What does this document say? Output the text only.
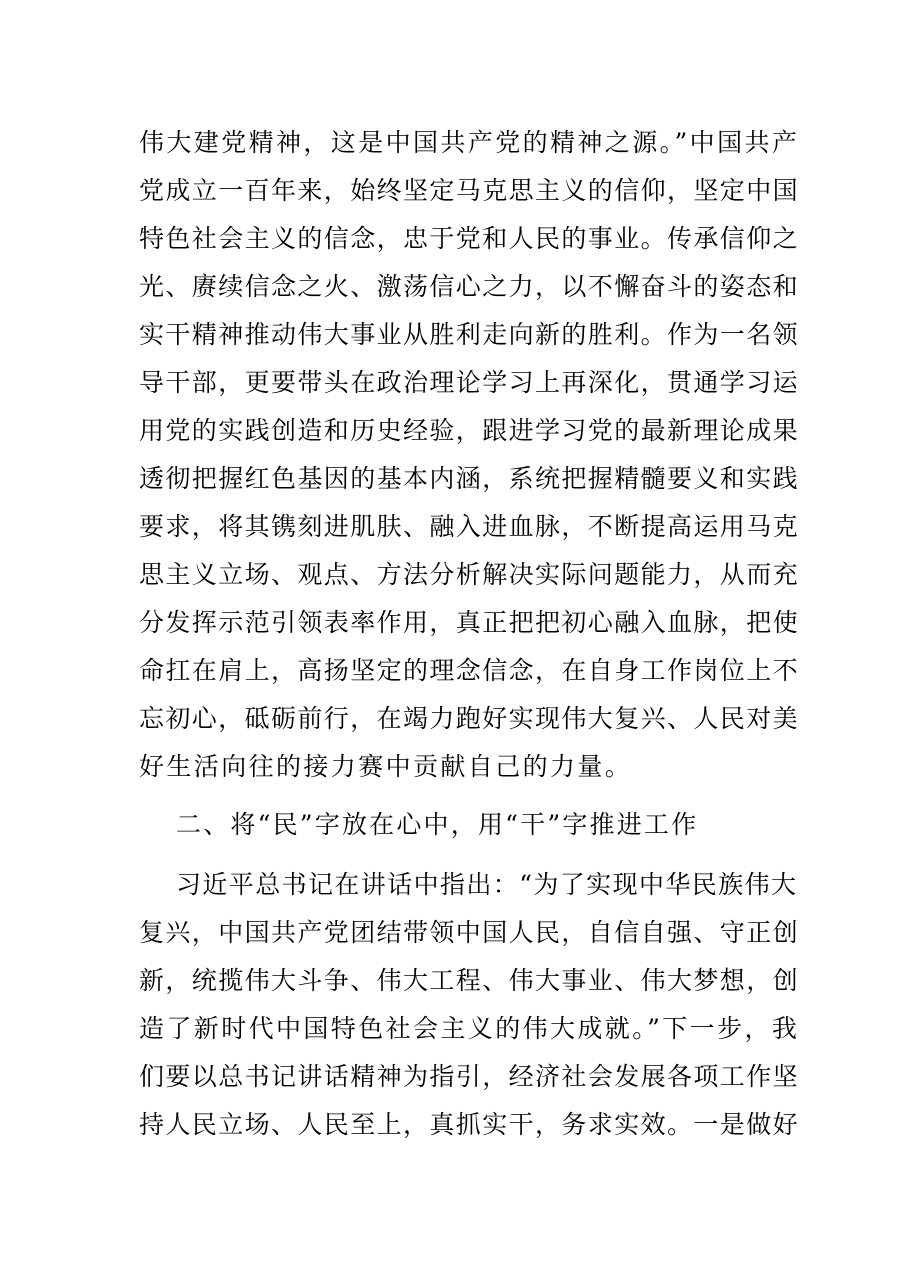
伟大建党精神，这是中国共产党的精神之源。”中国共产
党成立一百年来，始终坚定马克思主义的信仰，坚定中国
特色社会主义的信念，忠于党和人民的事业。传承信仰之
光、赓续信念之火、激荡信心之力，以不懈奋斗的姿态和
实干精神推动伟大事业从胜利走向新的胜利。作为一名领
导干部，更要带头在政治理论学习上再深化，贯通学习运
用党的实践创造和历史经验，跟进学习党的最新理论成果
透彻把握红色基因的基本内涵，系统把握精髓要义和实践
要求，将其镌刻进肌肤、融入进血脉，不断提高运用马克
思主义立场、观点、方法分析解决实际问题能力，从而充
分发挥示范引领表率作用，真正把把初心融入血脉，把使
命扛在肩上，高扬坚定的理念信念，在自身工作岗位上不
忘初心，砥砺前行，在竭力跑好实现伟大复兴、人民对美
好生活向往的接力赛中贡献自己的力量。
二、将“民”字放在心中，用“干”字推进工作
习近平总书记在讲话中指出：“为了实现中华民族伟大
复兴，中国共产党团结带领中国人民，自信自强、守正创
新，统揽伟大斗争、伟大工程、伟大事业、伟大梦想，创
造了新时代中国特色社会主义的伟大成就。”下一步，我
们要以总书记讲话精神为指引，经济社会发展各项工作坚
持人民立场、人民至上，真抓实干，务求实效。一是做好
